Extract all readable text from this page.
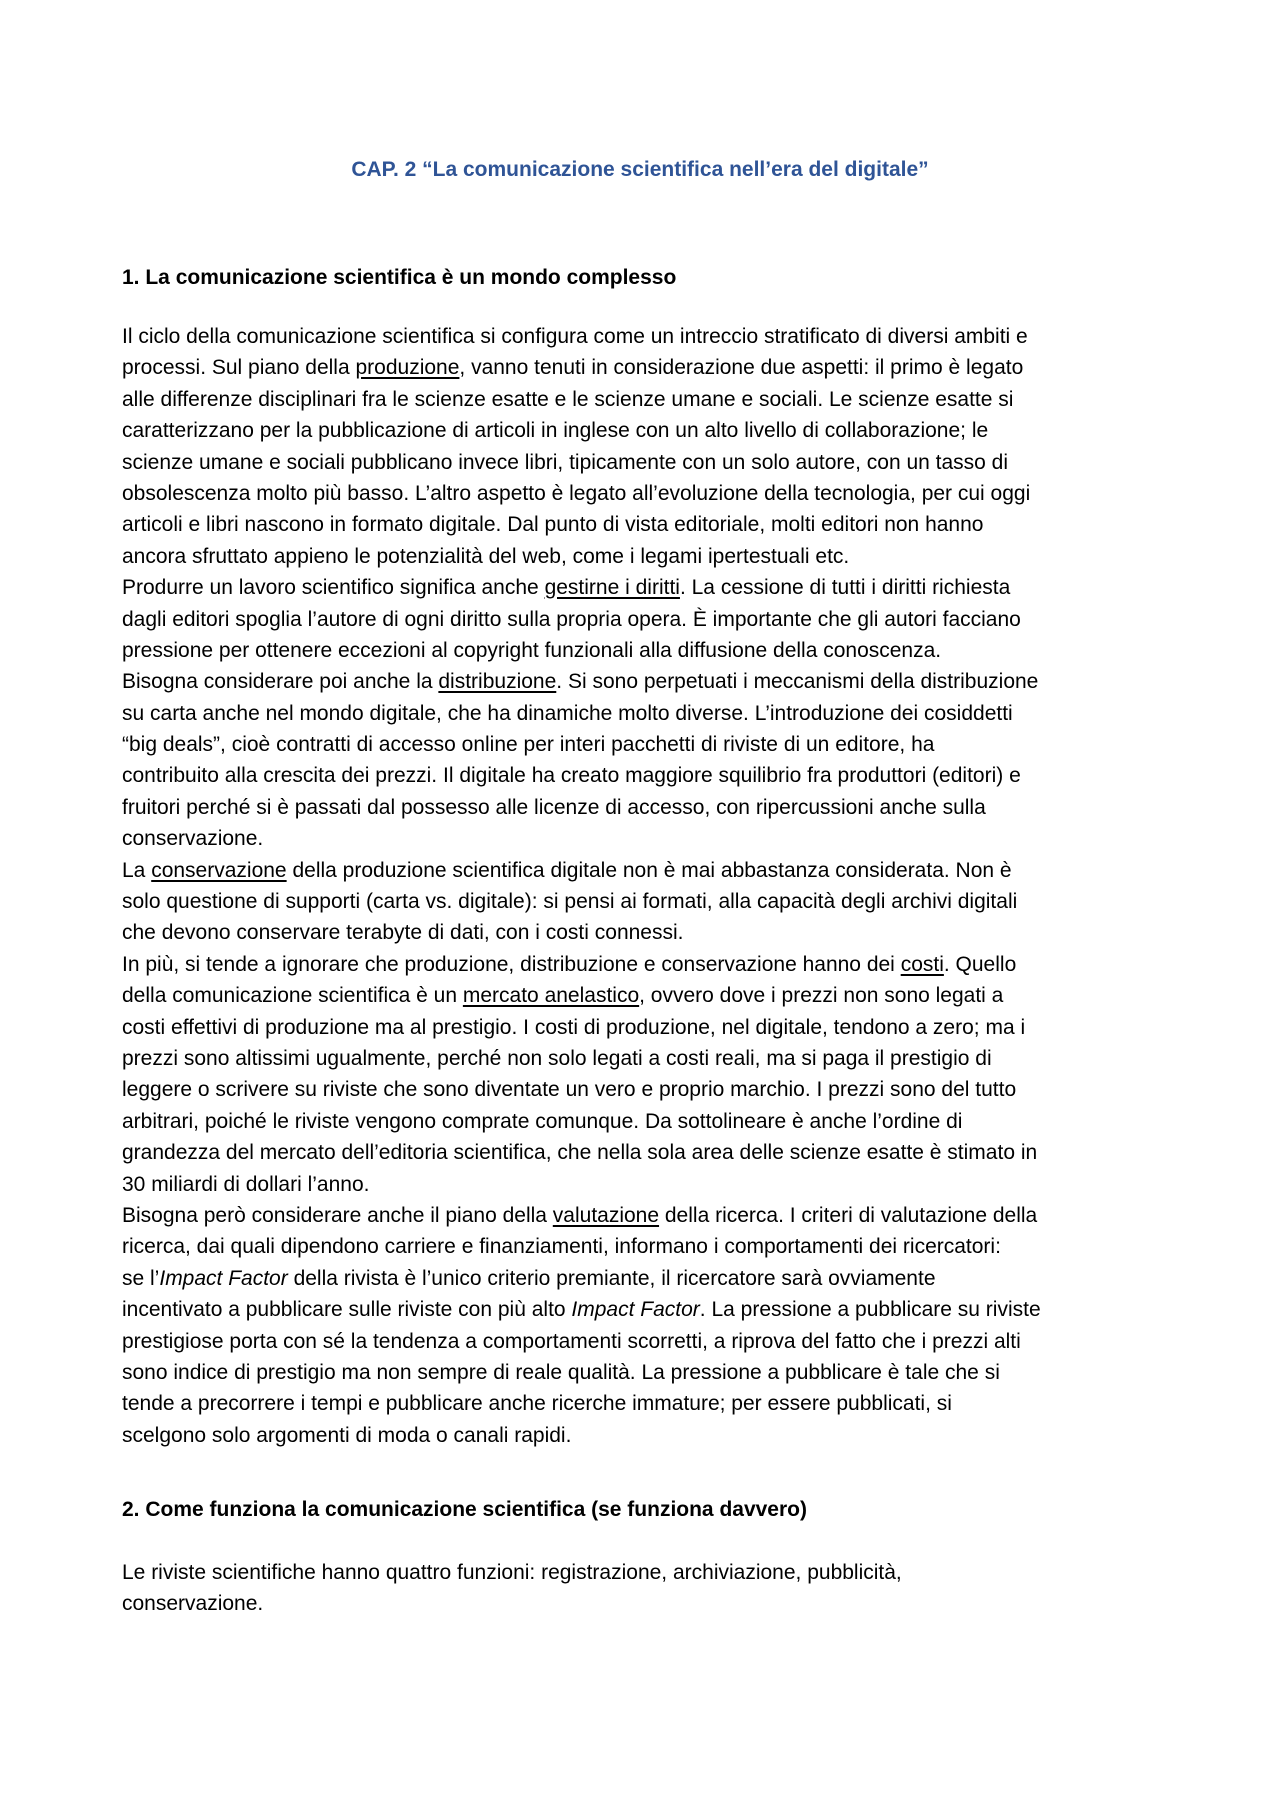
CAP. 2 “La comunicazione scientifica nell’era del digitale”
1. La comunicazione scientifica è un mondo complesso
Il ciclo della comunicazione scientifica si configura come un intreccio stratificato di diversi ambiti e
processi. Sul piano della produzione, vanno tenuti in considerazione due aspetti: il primo è legato
alle differenze disciplinari fra le scienze esatte e le scienze umane e sociali. Le scienze esatte si
caratterizzano per la pubblicazione di articoli in inglese con un alto livello di collaborazione; le
scienze umane e sociali pubblicano invece libri, tipicamente con un solo autore, con un tasso di
obsolescenza molto più basso. L’altro aspetto è legato all’evoluzione della tecnologia, per cui oggi
articoli e libri nascono in formato digitale. Dal punto di vista editoriale, molti editori non hanno
ancora sfruttato appieno le potenzialità del web, come i legami ipertestuali etc.
Produrre un lavoro scientifico significa anche gestirne i diritti. La cessione di tutti i diritti richiesta
dagli editori spoglia l’autore di ogni diritto sulla propria opera. È importante che gli autori facciano
pressione per ottenere eccezioni al copyright funzionali alla diffusione della conoscenza.
Bisogna considerare poi anche la distribuzione. Si sono perpetuati i meccanismi della distribuzione
su carta anche nel mondo digitale, che ha dinamiche molto diverse. L’introduzione dei cosiddetti
“big deals”, cioè contratti di accesso online per interi pacchetti di riviste di un editore, ha
contribuito alla crescita dei prezzi. Il digitale ha creato maggiore squilibrio fra produttori (editori) e
fruitori perché si è passati dal possesso alle licenze di accesso, con ripercussioni anche sulla
conservazione.
La conservazione della produzione scientifica digitale non è mai abbastanza considerata. Non è
solo questione di supporti (carta vs. digitale): si pensi ai formati, alla capacità degli archivi digitali
che devono conservare terabyte di dati, con i costi connessi.
In più, si tende a ignorare che produzione, distribuzione e conservazione hanno dei costi. Quello
della comunicazione scientifica è un mercato anelastico, ovvero dove i prezzi non sono legati a
costi effettivi di produzione ma al prestigio. I costi di produzione, nel digitale, tendono a zero; ma i
prezzi sono altissimi ugualmente, perché non solo legati a costi reali, ma si paga il prestigio di
leggere o scrivere su riviste che sono diventate un vero e proprio marchio. I prezzi sono del tutto
arbitrari, poiché le riviste vengono comprate comunque. Da sottolineare è anche l’ordine di
grandezza del mercato dell’editoria scientifica, che nella sola area delle scienze esatte è stimato in
30 miliardi di dollari l’anno.
Bisogna però considerare anche il piano della valutazione della ricerca. I criteri di valutazione della
ricerca, dai quali dipendono carriere e finanziamenti, informano i comportamenti dei ricercatori:
se l’Impact Factor della rivista è l’unico criterio premiante, il ricercatore sarà ovviamente
incentivato a pubblicare sulle riviste con più alto Impact Factor. La pressione a pubblicare su riviste
prestigiose porta con sé la tendenza a comportamenti scorretti, a riprova del fatto che i prezzi alti
sono indice di prestigio ma non sempre di reale qualità. La pressione a pubblicare è tale che si
tende a precorrere i tempi e pubblicare anche ricerche immature; per essere pubblicati, si
scelgono solo argomenti di moda o canali rapidi.
2. Come funziona la comunicazione scientifica (se funziona davvero)
Le riviste scientifiche hanno quattro funzioni: registrazione, archiviazione, pubblicità,
conservazione.
